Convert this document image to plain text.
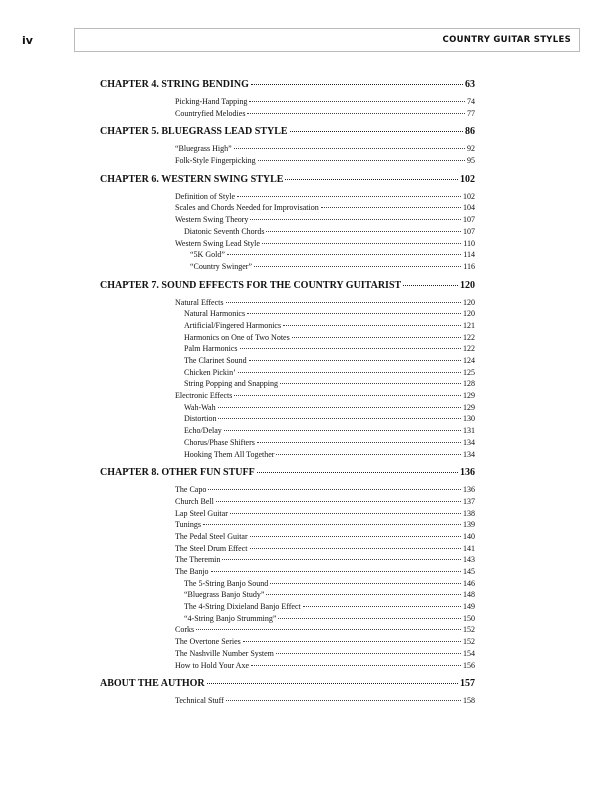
iv	COUNTRY GUITAR STYLES
CHAPTER 4. STRING BENDING	63
Picking-Hand Tapping	74
Countryfied Melodies	77
CHAPTER 5. BLUEGRASS LEAD STYLE	86
“Bluegrass High”	92
Folk-Style Fingerpicking	95
CHAPTER 6. WESTERN SWING STYLE	102
Definition of Style	102
Scales and Chords Needed for Improvisation	104
Western Swing Theory	107
Diatonic Seventh Chords	107
Western Swing Lead Style	110
“5K Gold”	114
“Country Swinger”	116
CHAPTER 7. SOUND EFFECTS FOR THE COUNTRY GUITARIST	120
Natural Effects	120
Natural Harmonics	120
Artificial/Fingered Harmonics	121
Harmonics on One of Two Notes	122
Palm Harmonics	122
The Clarinet Sound	124
Chicken Pickin’	125
String Popping and Snapping	128
Electronic Effects	129
Wah-Wah	129
Distortion	130
Echo/Delay	131
Chorus/Phase Shifters	134
Hooking Them All Together	134
CHAPTER 8. OTHER FUN STUFF	136
The Capo	136
Church Bell	137
Lap Steel Guitar	138
Tunings	139
The Pedal Steel Guitar	140
The Steel Drum Effect	141
The Theremin	143
The Banjo	145
The 5-String Banjo Sound	146
“Bluegrass Banjo Study”	148
The 4-String Dixieland Banjo Effect	149
“4-String Banjo Strumming”	150
Corks	152
The Overtone Series	152
The Nashville Number System	154
How to Hold Your Axe	156
ABOUT THE AUTHOR	157
Technical Stuff	158
